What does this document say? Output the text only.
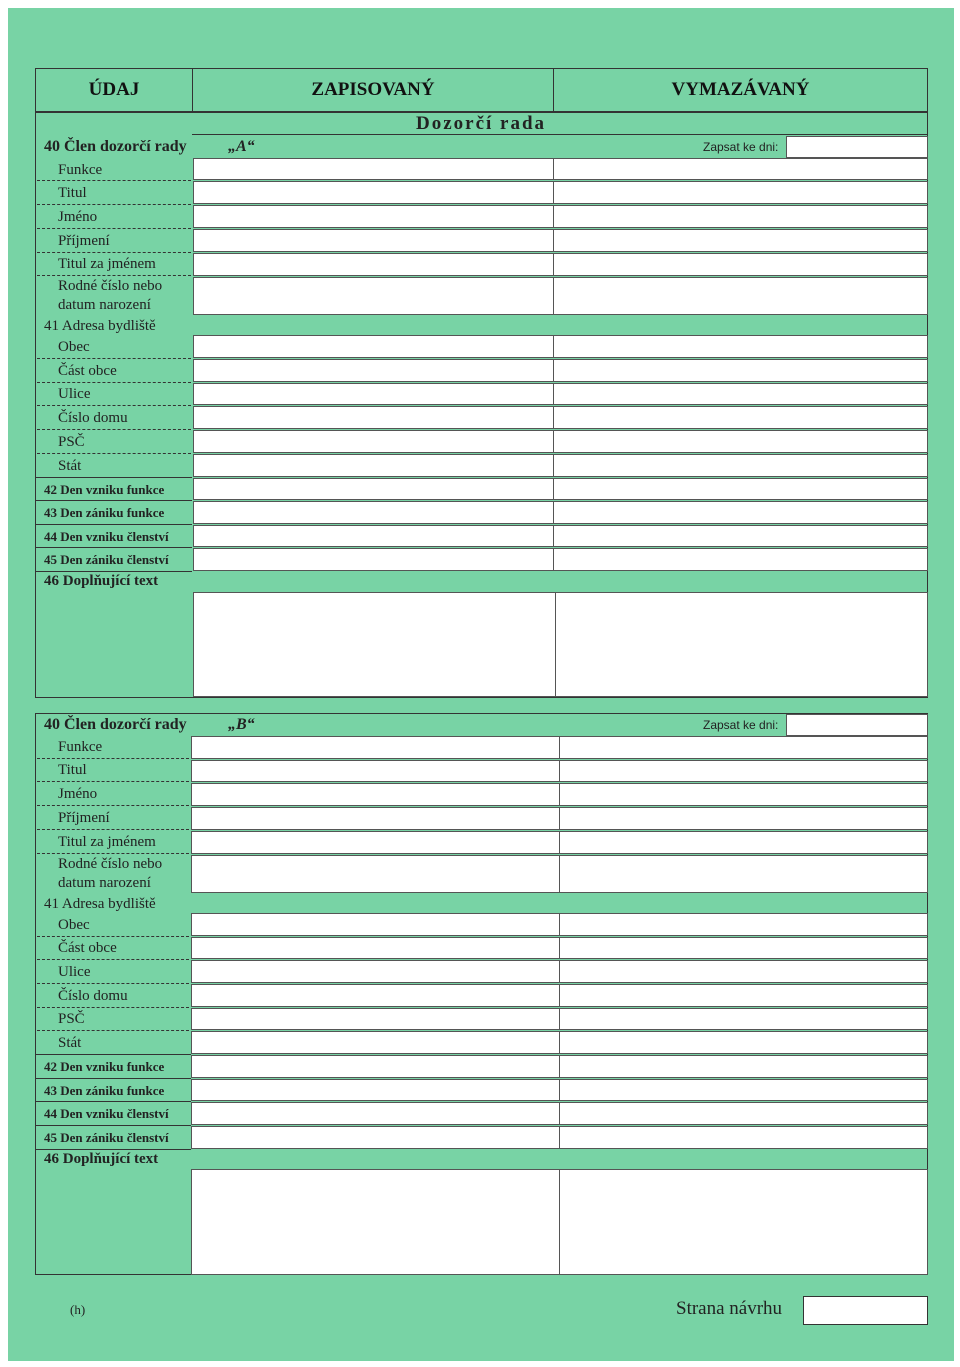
ÚDAJ	ZAPISOVANÝ	VYMAZÁVANÝ
Dozorčí rada
40 Člen dozorčí rady	„A“	Zapsat ke dni:
Funkce
Titul
Jméno
Příjmení
Titul za jménem
Rodné číslo nebo
datum narození
41 Adresa bydliště
Obec
Část obce
Ulice
Číslo domu
PSČ
Stát
42 Den vzniku funkce
43 Den zániku funkce
44 Den vzniku členství
45 Den zániku členství
46 Doplňující text
40 Člen dozorčí rady	„B“	Zapsat ke dni:
Funkce
Titul
Jméno
Příjmení
Titul za jménem
Rodné číslo nebo
datum narození
41 Adresa bydliště
Obec
Část obce
Ulice
Číslo domu
PSČ
Stát
42 Den vzniku funkce
43 Den zániku funkce
44 Den vzniku členství
45 Den zániku členství
46 Doplňující text
(h)	Strana návrhu
